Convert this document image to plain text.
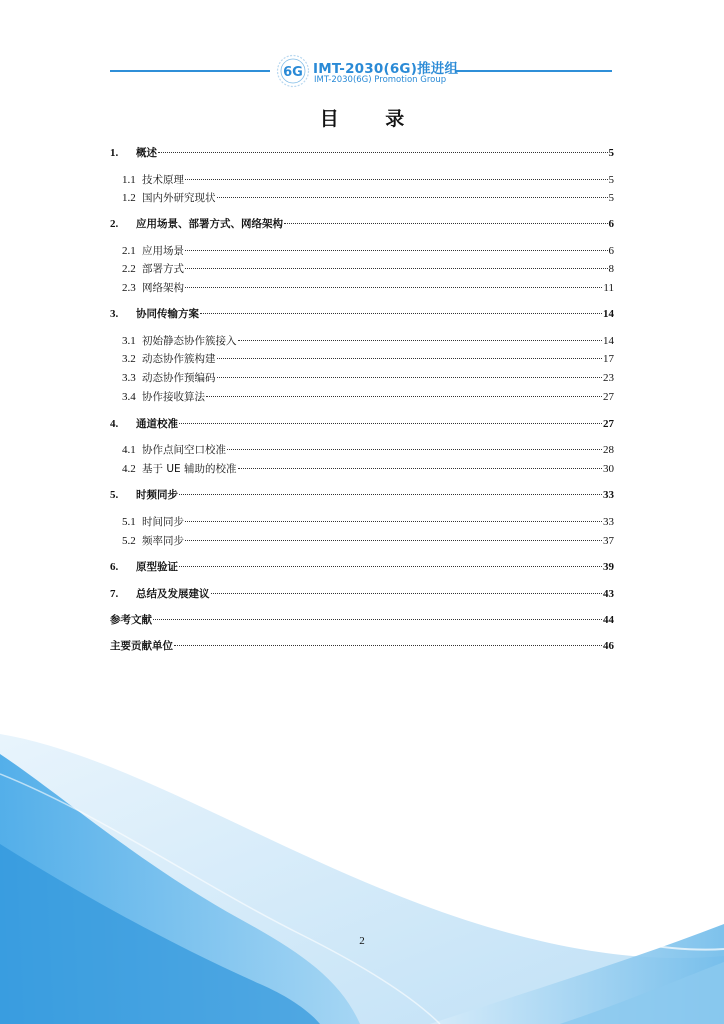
6G IMT-2030(6G)推进组
IMT-2030(6G) Promotion Group
目 录
1.	概述	5
1.1 技术原理	5
1.2 国内外研究现状	5
2.	应用场景、部署方式、网络架构	6
2.1 应用场景	6
2.2 部署方式	8
2.3 网络架构	11
3.	协同传输方案	14
3.1 初始静态协作簇接入	14
3.2 动态协作簇构建	17
3.3 动态协作预编码	23
3.4 协作接收算法	27
4.	通道校准	27
4.1 协作点间空口校准	28
4.2 基于 UE 辅助的校准	30
5.	时频同步	33
5.1 时间同步	33
5.2 频率同步	37
6.	原型验证	39
7.	总结及发展建议	43
参考文献	44
主要贡献单位	46
2
